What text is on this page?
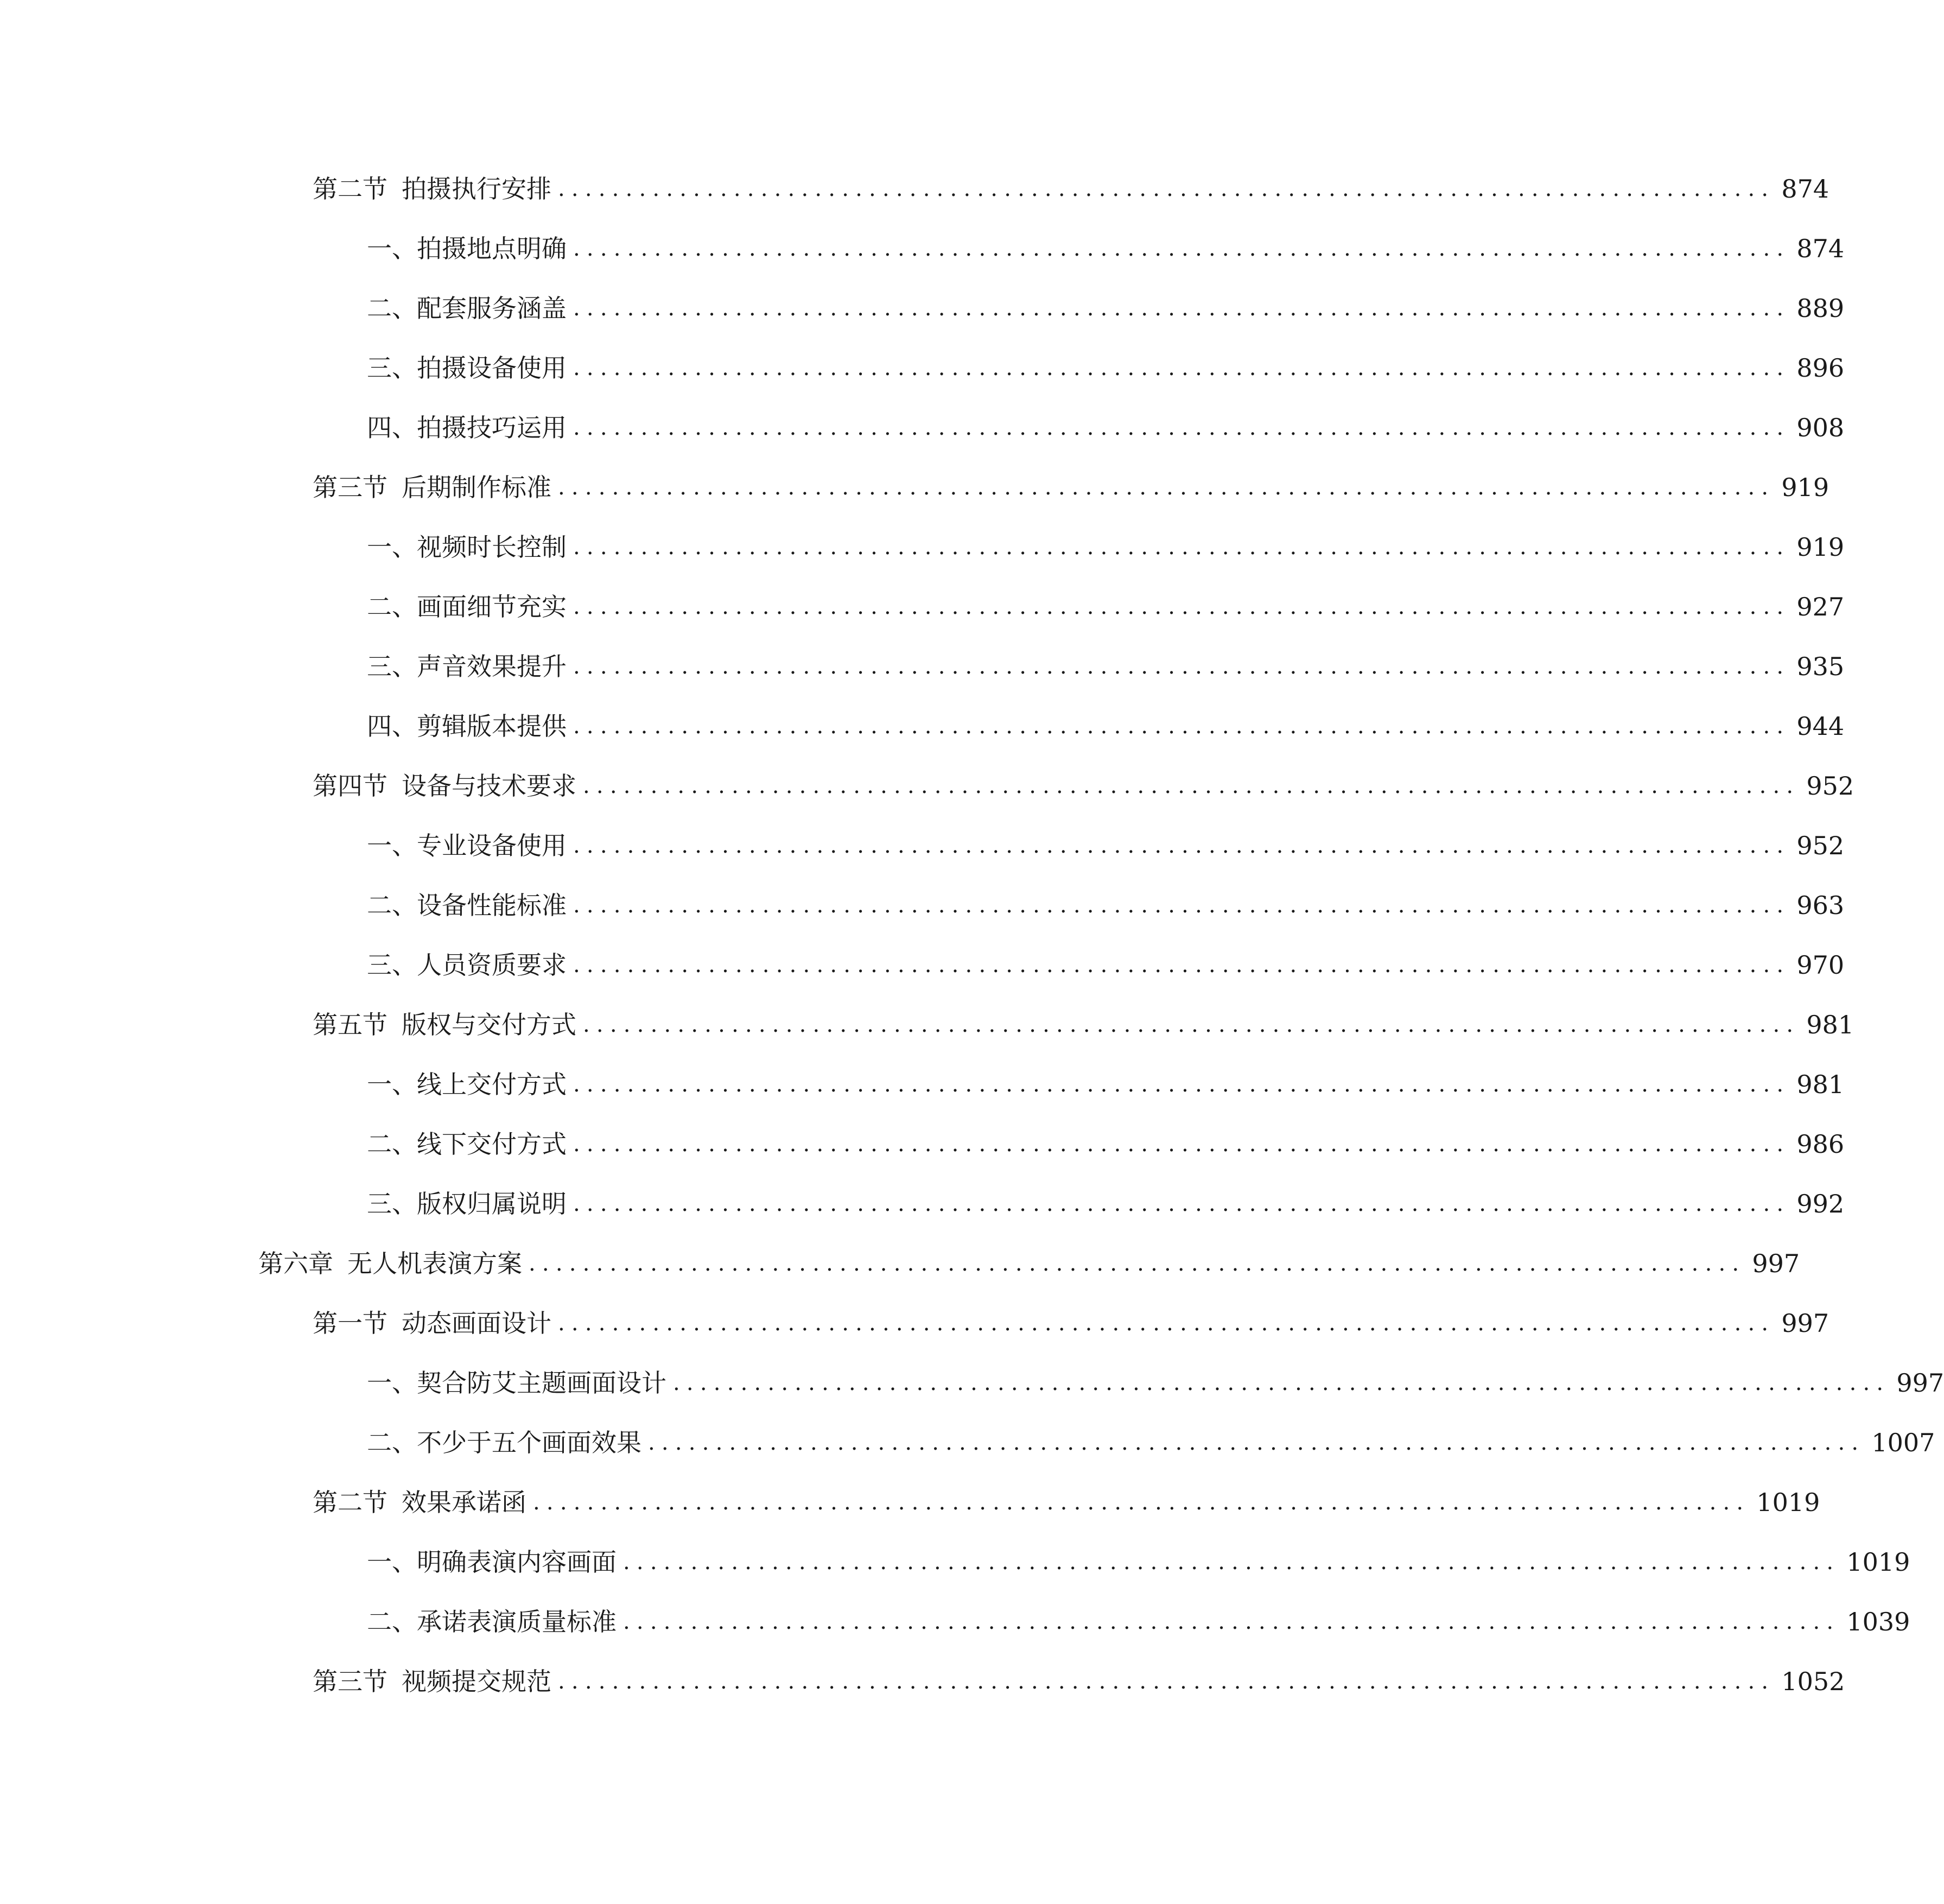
第二节 拍摄执行安排 .......................................................................................... 874
一、 拍摄地点明确 .......................................................................................... 874
二、 配套服务涵盖 .......................................................................................... 889
三、 拍摄设备使用 .......................................................................................... 896
四、 拍摄技巧运用 .......................................................................................... 908
第三节 后期制作标准 .......................................................................................... 919
一、 视频时长控制 .......................................................................................... 919
二、 画面细节充实 .......................................................................................... 927
三、 声音效果提升 .......................................................................................... 935
四、 剪辑版本提供 .......................................................................................... 944
第四节 设备与技术要求 .......................................................................................... 952
一、 专业设备使用 .......................................................................................... 952
二、 设备性能标准 .......................................................................................... 963
三、 人员资质要求 .......................................................................................... 970
第五节 版权与交付方式 .......................................................................................... 981
一、 线上交付方式 .......................................................................................... 981
二、 线下交付方式 .......................................................................................... 986
三、 版权归属说明 .......................................................................................... 992
第六章 无人机表演方案 .......................................................................................... 997
第一节 动态画面设计 .......................................................................................... 997
一、 契合防艾主题画面设计 .......................................................................................... 997
二、 不少于五个画面效果 .......................................................................................... 1007
第二节 效果承诺函 .......................................................................................... 1019
一、 明确表演内容画面 .......................................................................................... 1019
二、 承诺表演质量标准 .......................................................................................... 1039
第三节 视频提交规范 .......................................................................................... 1052
